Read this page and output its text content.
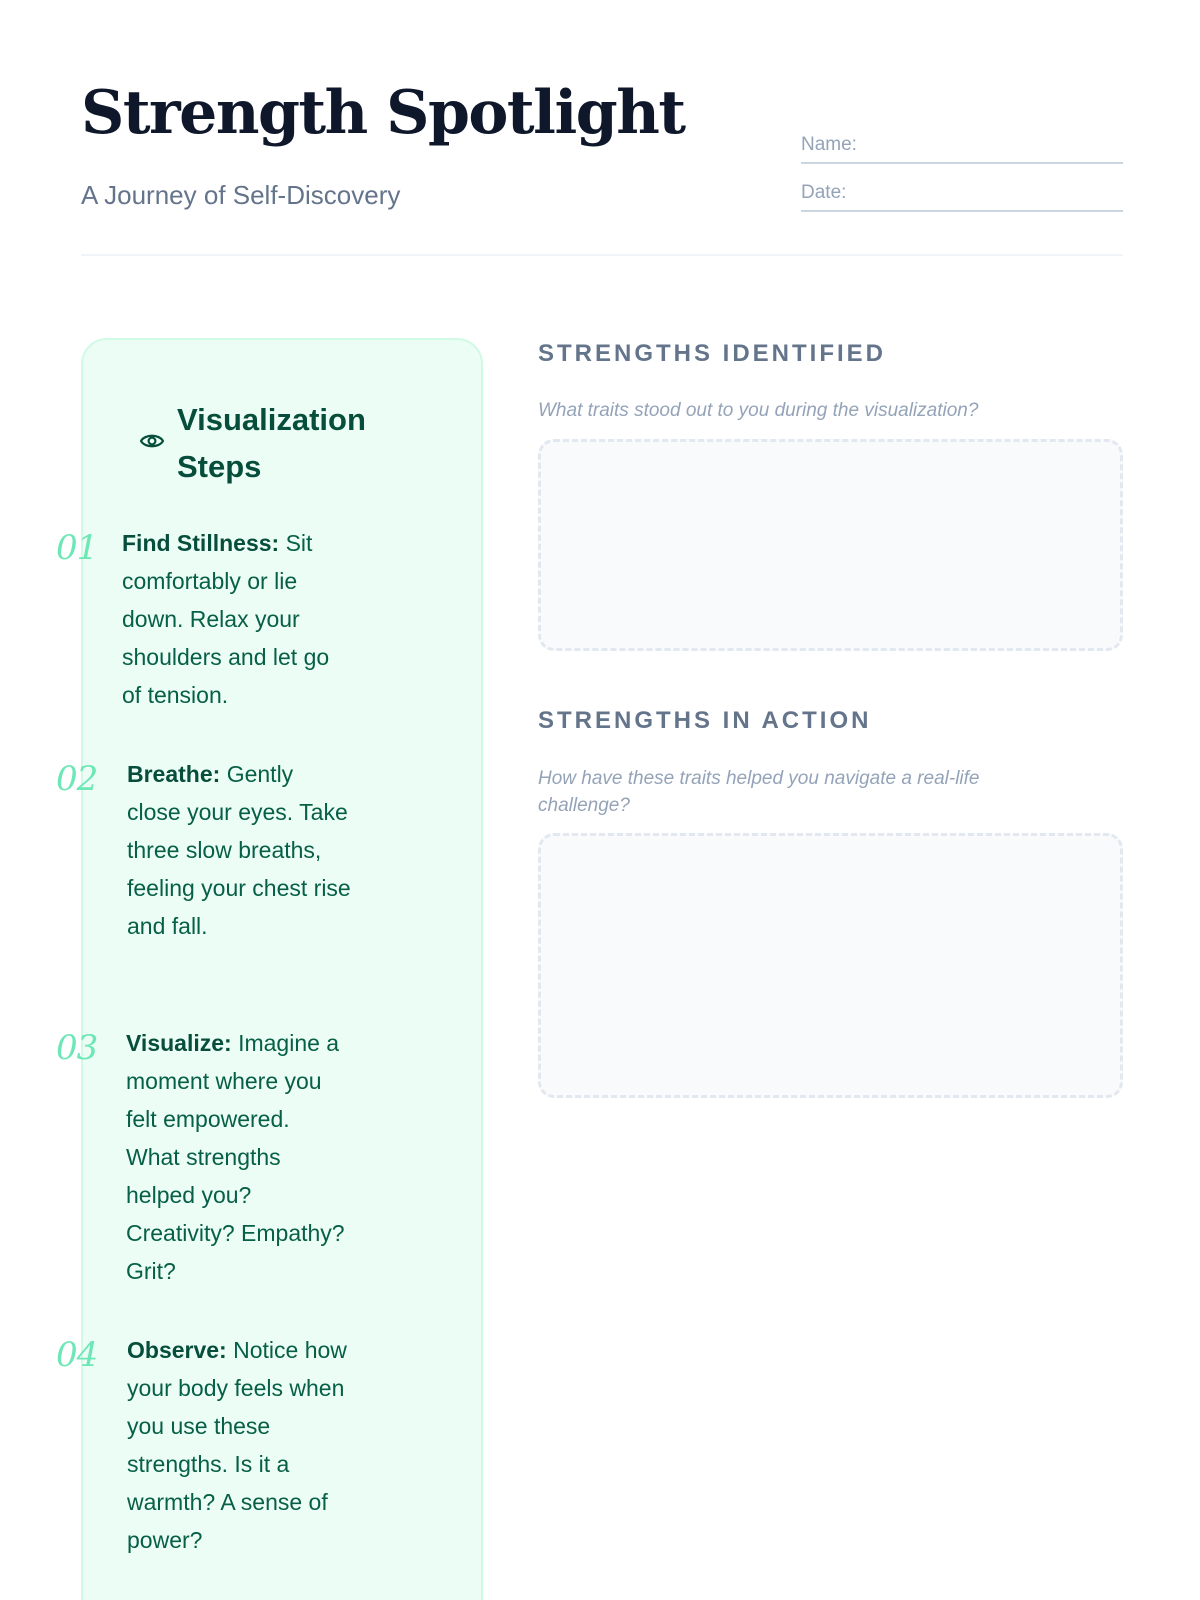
Strength Spotlight
A Journey of Self-Discovery
Name:
Date:
Visualization Steps
01 Find Stillness: Sit comfortably or lie down. Relax your shoulders and let go of tension.

02 Breathe: Gently close your eyes. Take three slow breaths, feeling your chest rise and fall.

03 Visualize: Imagine a moment where you felt empowered. What strengths helped you? Creativity? Empathy? Grit?

04 Observe: Notice how your body feels when you use these strengths. Is it a warmth? A sense of power?

STRENGTHS IDENTIFIED

What traits stood out to you during the visualization?

STRENGTHS IN ACTION

How have these traits helped you navigate a real-life challenge?
